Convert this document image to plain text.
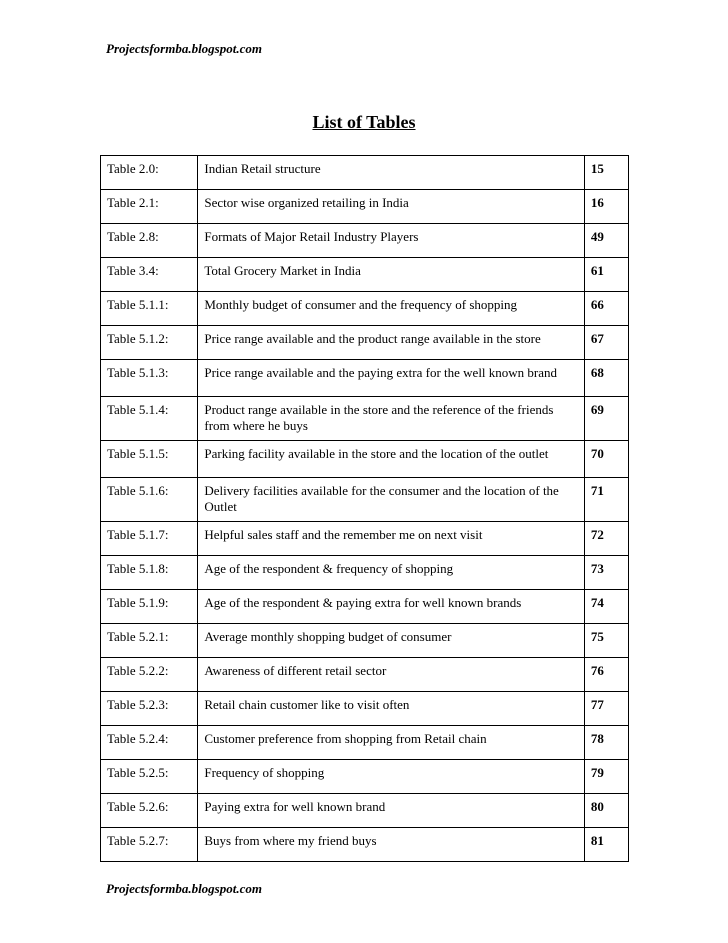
Projectsformba.blogspot.com
List of Tables
Table 2.0:	Indian Retail structure	15
Table 2.1:	Sector wise organized retailing in India	16
Table 2.8:	Formats of Major Retail Industry Players	49
Table 3.4:	Total Grocery Market in India	61
Table 5.1.1:	Monthly budget of consumer and the frequency of shopping	66
Table 5.1.2:	Price range available and the product range available in the store	67
Table 5.1.3:	Price range available and the paying extra for the well known brand	68
Table 5.1.4:	Product range available in the store and the reference of the friends from where he buys	69
Table 5.1.5:	Parking facility available in the store and the location of the outlet	70
Table 5.1.6:	Delivery facilities available for the consumer and the location of the Outlet	71
Table 5.1.7:	Helpful sales staff and the remember me on next visit	72
Table 5.1.8:	Age of the respondent & frequency of shopping	73
Table 5.1.9:	Age of the respondent & paying extra for well known brands	74
Table 5.2.1:	Average monthly shopping budget of consumer	75
Table 5.2.2:	Awareness of different retail sector	76
Table 5.2.3:	Retail chain customer like to visit often	77
Table 5.2.4:	Customer preference from shopping from Retail chain	78
Table 5.2.5:	Frequency of shopping	79
Table 5.2.6:	Paying extra for well known brand	80
Table 5.2.7:	Buys from where my friend buys	81
Projectsformba.blogspot.com
